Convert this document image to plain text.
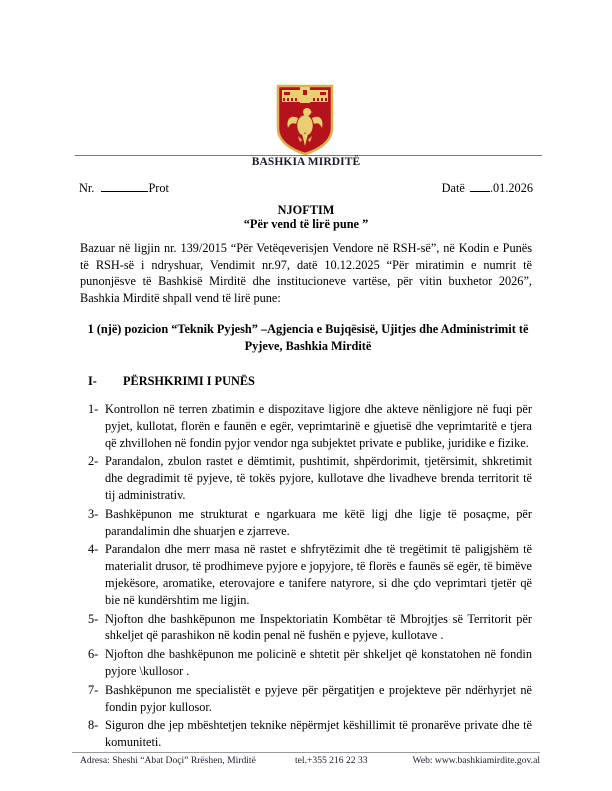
BASHKIA MIRDITË
Nr.	Prot	Datë .01.2026
NJOFTIM
“Për vend të lirë pune ”
Bazuar në ligjin nr. 139/2015 “Për Vetëqeverisjen Vendore në RSH-së”, në Kodin e Punës të RSH-së i ndryshuar, Vendimit nr.97, datë 10.12.2025 “Për miratimin e numrit të punonjësve të Bashkisë Mirditë dhe institucioneve vartëse, për vitin buxhetor 2026”, Bashkia Mirditë shpall vend të lirë pune:
1 (një) pozicion “Teknik Pyjesh” –Agjencia e Bujqësisë, Ujitjes dhe Administrimit të Pyjeve, Bashkia Mirditë
I- PËRSHKRIMI I PUNËS
1- Kontrollon në terren zbatimin e dispozitave ligjore dhe akteve nënligjore në fuqi për pyjet, kullotat, florën e faunën e egër, veprimtarinë e gjuetisë dhe veprimtaritë e tjera që zhvillohen në fondin pyjor vendor nga subjektet private e publike, juridike e fizike.
2- Parandalon, zbulon rastet e dëmtimit, pushtimit, shpërdorimit, tjetërsimit, shkretimit dhe degradimit të pyjeve, të tokës pyjore, kullotave dhe livadheve brenda territorit të tij administrativ.
3- Bashkëpunon me strukturat e ngarkuara me këtë ligj dhe ligje të posaçme, për parandalimin dhe shuarjen e zjarreve.
4- Parandalon dhe merr masa në rastet e shfrytëzimit dhe të tregëtimit të paligjshëm të materialit drusor, të prodhimeve pyjore e jopyjore, të florës e faunës së egër, të bimëve mjekësore, aromatike, eterovajore e tanifere natyrore, si dhe çdo veprimtari tjetër që bie në kundërshtim me ligjin.
5- Njofton dhe bashkëpunon me Inspektoriatin Kombëtar të Mbrojtjes së Territorit për shkeljet që parashikon në kodin penal në fushën e pyjeve, kullotave .
6- Njofton dhe bashkëpunon me policinë e shtetit për shkeljet që konstatohen në fondin pyjore \kullosor .
7- Bashkëpunon me specialistët e pyjeve për përgatitjen e projekteve për ndërhyrjet në fondin pyjor kullosor.
8- Siguron dhe jep mbështetjen teknike nëpërmjet këshillimit të pronarëve private dhe të komuniteti.
Adresa: Sheshi “Abat Doçi” Rrëshen, Mirditë	tel.+355 216 22 33	Web: www.bashkiamirdite.gov.al
